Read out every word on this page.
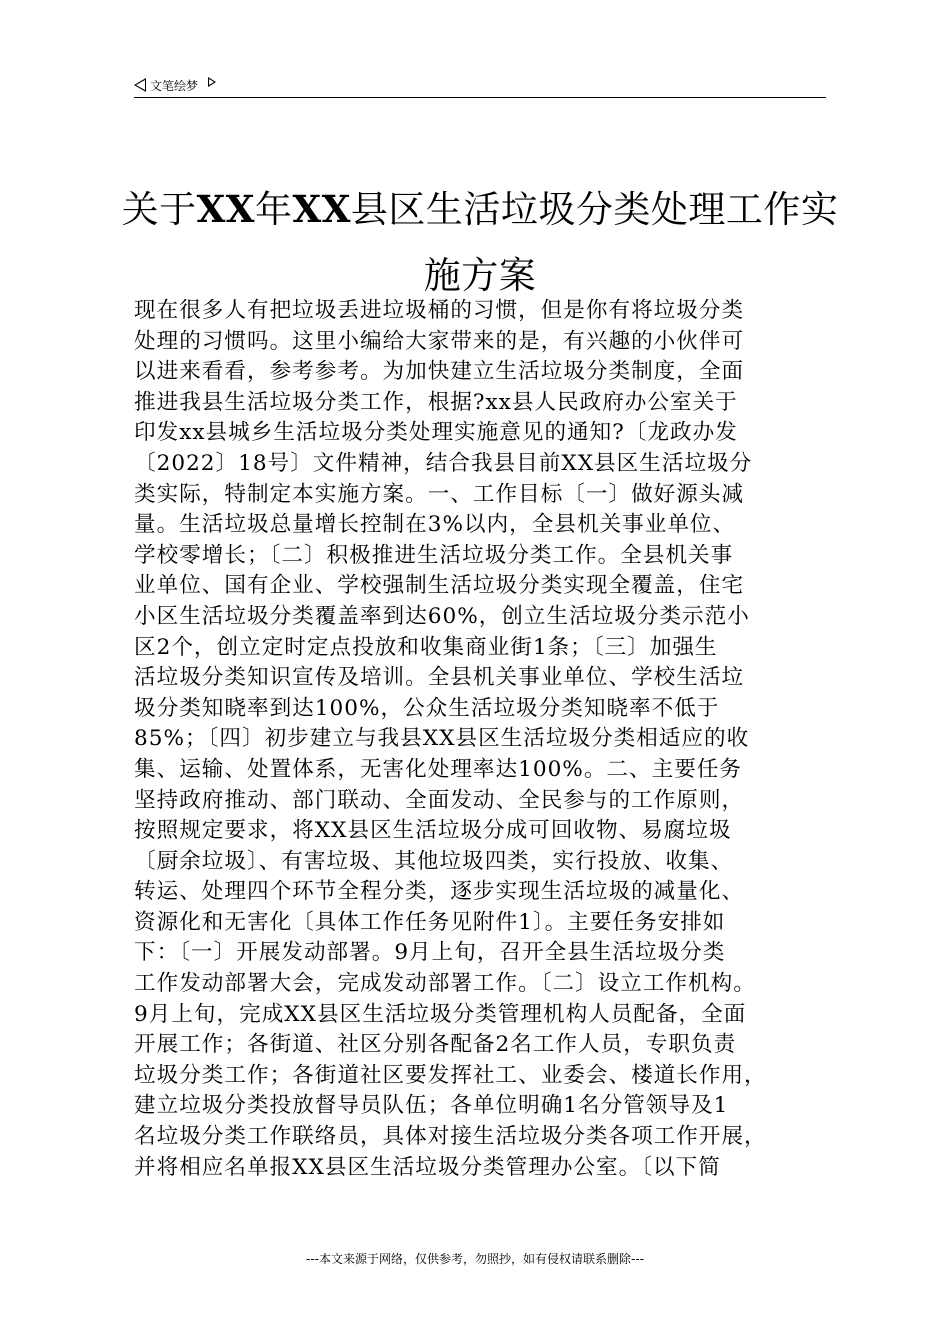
文笔绘梦
关于XX年XX县区生活垃圾分类处理工作实
施方案
现在很多人有把垃圾丢进垃圾桶的习惯，但是你有将垃圾分类
处理的习惯吗。这里小编给大家带来的是，有兴趣的小伙伴可
以进来看看，参考参考。为加快建立生活垃圾分类制度，全面
推进我县生活垃圾分类工作，根据?xx县人民政府办公室关于
印发xx县城乡生活垃圾分类处理实施意见的通知?〔龙政办发
〔2022〕18号〕文件精神，结合我县目前XX县区生活垃圾分
类实际，特制定本实施方案。一、工作目标〔一〕做好源头减
量。生活垃圾总量增长控制在3%以内，全县机关事业单位、
学校零增长；〔二〕积极推进生活垃圾分类工作。全县机关事
业单位、国有企业、学校强制生活垃圾分类实现全覆盖，住宅
小区生活垃圾分类覆盖率到达60%，创立生活垃圾分类示范小
区2个，创立定时定点投放和收集商业街1条；〔三〕加强生
活垃圾分类知识宣传及培训。全县机关事业单位、学校生活垃
圾分类知晓率到达100%，公众生活垃圾分类知晓率不低于
85%；〔四〕初步建立与我县XX县区生活垃圾分类相适应的收
集、运输、处置体系，无害化处理率达100%。二、主要任务
坚持政府推动、部门联动、全面发动、全民参与的工作原则，
按照规定要求，将XX县区生活垃圾分成可回收物、易腐垃圾
〔厨余垃圾〕、有害垃圾、其他垃圾四类，实行投放、收集、
转运、处理四个环节全程分类，逐步实现生活垃圾的减量化、
资源化和无害化〔具体工作任务见附件1〕。主要任务安排如
下：〔一〕开展发动部署。9月上旬，召开全县生活垃圾分类
工作发动部署大会，完成发动部署工作。〔二〕设立工作机构。
9月上旬，完成XX县区生活垃圾分类管理机构人员配备，全面
开展工作；各街道、社区分别各配备2名工作人员，专职负责
垃圾分类工作；各街道社区要发挥社工、业委会、楼道长作用，
建立垃圾分类投放督导员队伍；各单位明确1名分管领导及1
名垃圾分类工作联络员，具体对接生活垃圾分类各项工作开展，
并将相应名单报XX县区生活垃圾分类管理办公室。〔以下简
---本文来源于网络，仅供参考，勿照抄，如有侵权请联系删除---
